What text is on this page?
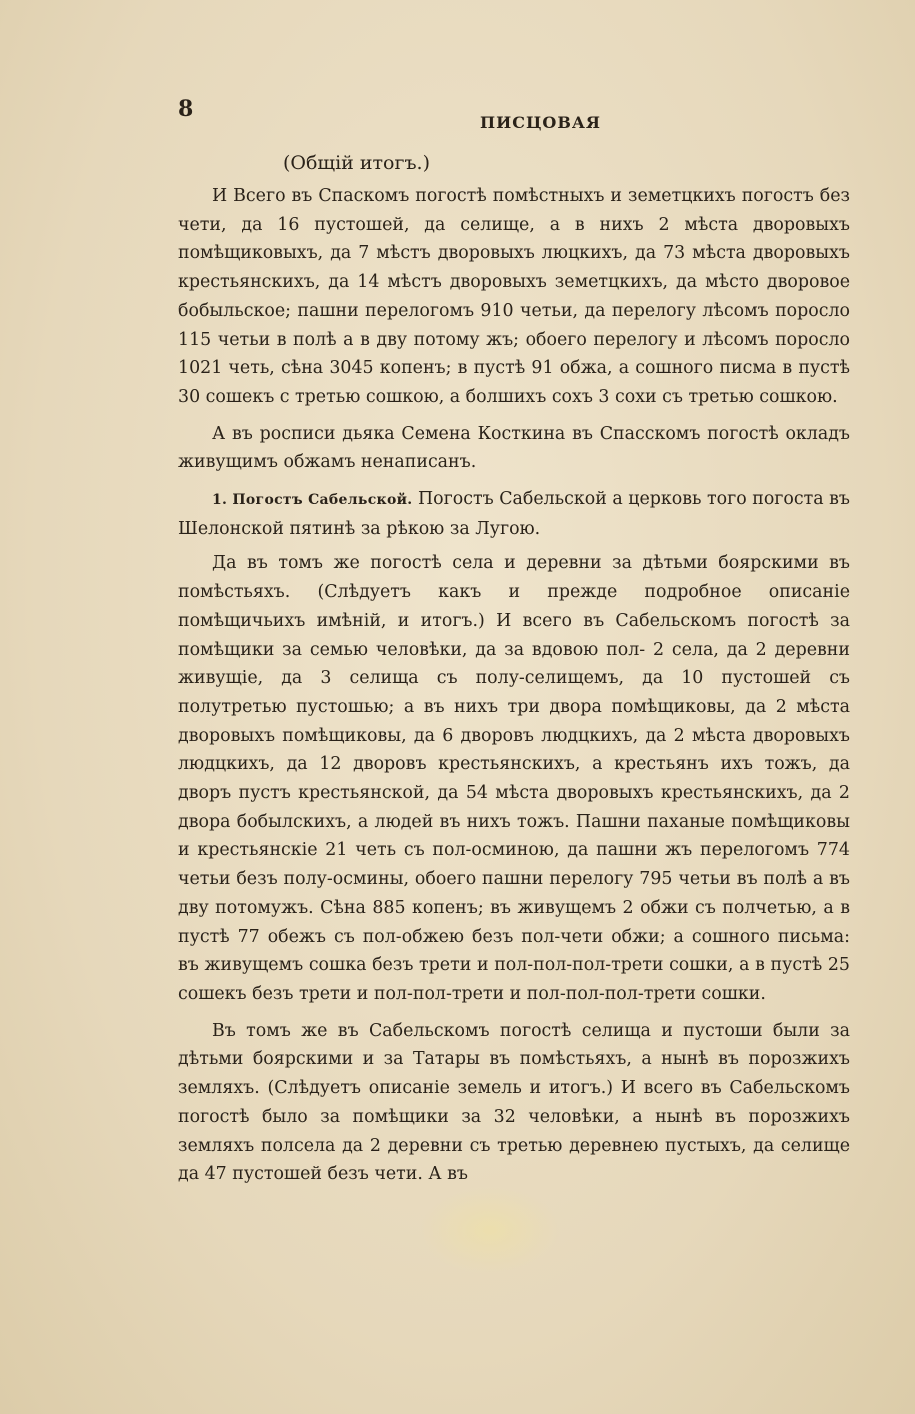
8
ПИСЦОВАЯ

(Общій итогъ.)

И Всего въ Спаскомъ погостѣ помѣстныхъ и земетцкихъ погостъ без чети, да 16 пустошей, да селище, а в нихъ 2 мѣста дворовыхъ помѣщиковыхъ, да 7 мѣстъ дворовыхъ люцкихъ, да 73 мѣста дворовыхъ крестьянскихъ, да 14 мѣстъ дворовыхъ земетцкихъ, да мѣсто дворовое бобыльское; пашни перелогомъ 910 четьи, да перелогу лѣсомъ поросло 115 четьи в полѣ а в дву потому жъ; обоего перелогу и лѣсомъ поросло 1021 четь, сѣна 3045 копенъ; в пустѣ 91 обжа, а сошного писма в пустѣ 30 сошекъ с третью сошкою, а болшихъ сохъ 3 сохи съ третью сошкою.

А въ росписи дьяка Семена Косткина въ Спасскомъ погостѣ окладъ живущимъ обжамъ ненаписанъ.

1. Погостъ Сабельской. Погостъ Сабельской а церковь того погоста въ Шелонской пятинѣ за рѣкою за Лугою.

Да въ томъ же погостѣ села и деревни за дѣтьми боярскими въ помѣстьяхъ. (Слѣдуетъ какъ и прежде подробное описаніе помѣщичьихъ имѣній, и итогъ.) И всего въ Сабельскомъ погостѣ за помѣщики за семью человѣки, да за вдовою пол- 2 села, да 2 деревни живущіе, да 3 селища съ полу-селищемъ, да 10 пустошей съ полутретью пустошью; а въ нихъ три двора помѣщиковы, да 2 мѣста дворовыхъ помѣщиковы, да 6 дворовъ людцкихъ, да 2 мѣста дворовыхъ людцкихъ, да 12 дворовъ крестьянскихъ, а крестьянъ ихъ тожъ, да дворъ пустъ крестьянской, да 54 мѣста дворовыхъ крестьянскихъ, да 2 двора бобылскихъ, а людей въ нихъ тожъ. Пашни паханые помѣщиковы и крестьянскіе 21 четь съ пол-осминою, да пашни жъ перелогомъ 774 четьи безъ полу-осмины, обоего пашни перелогу 795 четьи въ полѣ а въ дву потомужъ. Сѣна 885 копенъ; въ живущемъ 2 обжи съ полчетью, а в пустѣ 77 обежъ съ пол-обжею безъ пол-чети обжи; а сошного письма: въ живущемъ сошка безъ трети и пол-пол-пол-трети сошки, а в пустѣ 25 сошекъ безъ трети и пол-пол-трети и пол-пол-пол-трети сошки.

Въ томъ же въ Сабельскомъ погостѣ селища и пустоши были за дѣтьми боярскими и за Татары въ помѣстьяхъ, а нынѣ въ порозжихъ земляхъ. (Слѣдуетъ описаніе земель и итогъ.) И всего въ Сабельскомъ погостѣ было за помѣщики за 32 человѣки, а нынѣ въ порозжихъ земляхъ полсела да 2 деревни съ третью деревнею пустыхъ, да селище да 47 пустошей безъ чети. А въ
